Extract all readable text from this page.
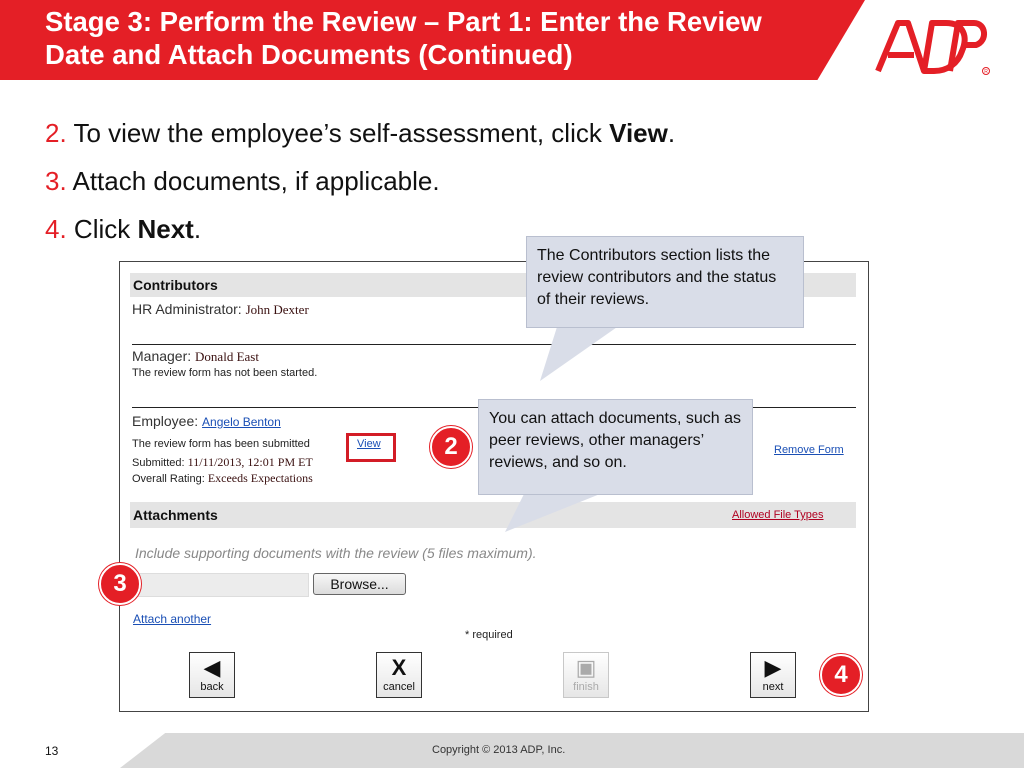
Stage 3: Perform the Review – Part 1: Enter the Review Date and Attach Documents (Continued)
R
2. To view the employee’s self-assessment, click View.
3. Attach documents, if applicable.
4. Click Next.
Contributors
HR Administrator: John Dexter
Manager: Donald East
The review form has not been started.
Employee: Angelo Benton
The review form has been submitted	View
Submitted: 11/11/2013, 12:01 PM ET
Overall Rating: Exceeds Expectations
Remove Form
Attachments	Allowed File Types
Include supporting documents with the review (5 files maximum).
Browse...
Attach another
* required
◀
back
X
cancel
▣
finish
▶
next
The Contributors section lists the review contributors and the status of their reviews.
You can attach documents, such as peer reviews, other managers’ reviews, and so on.
2
3
4
13	Copyright © 2013 ADP, Inc.
